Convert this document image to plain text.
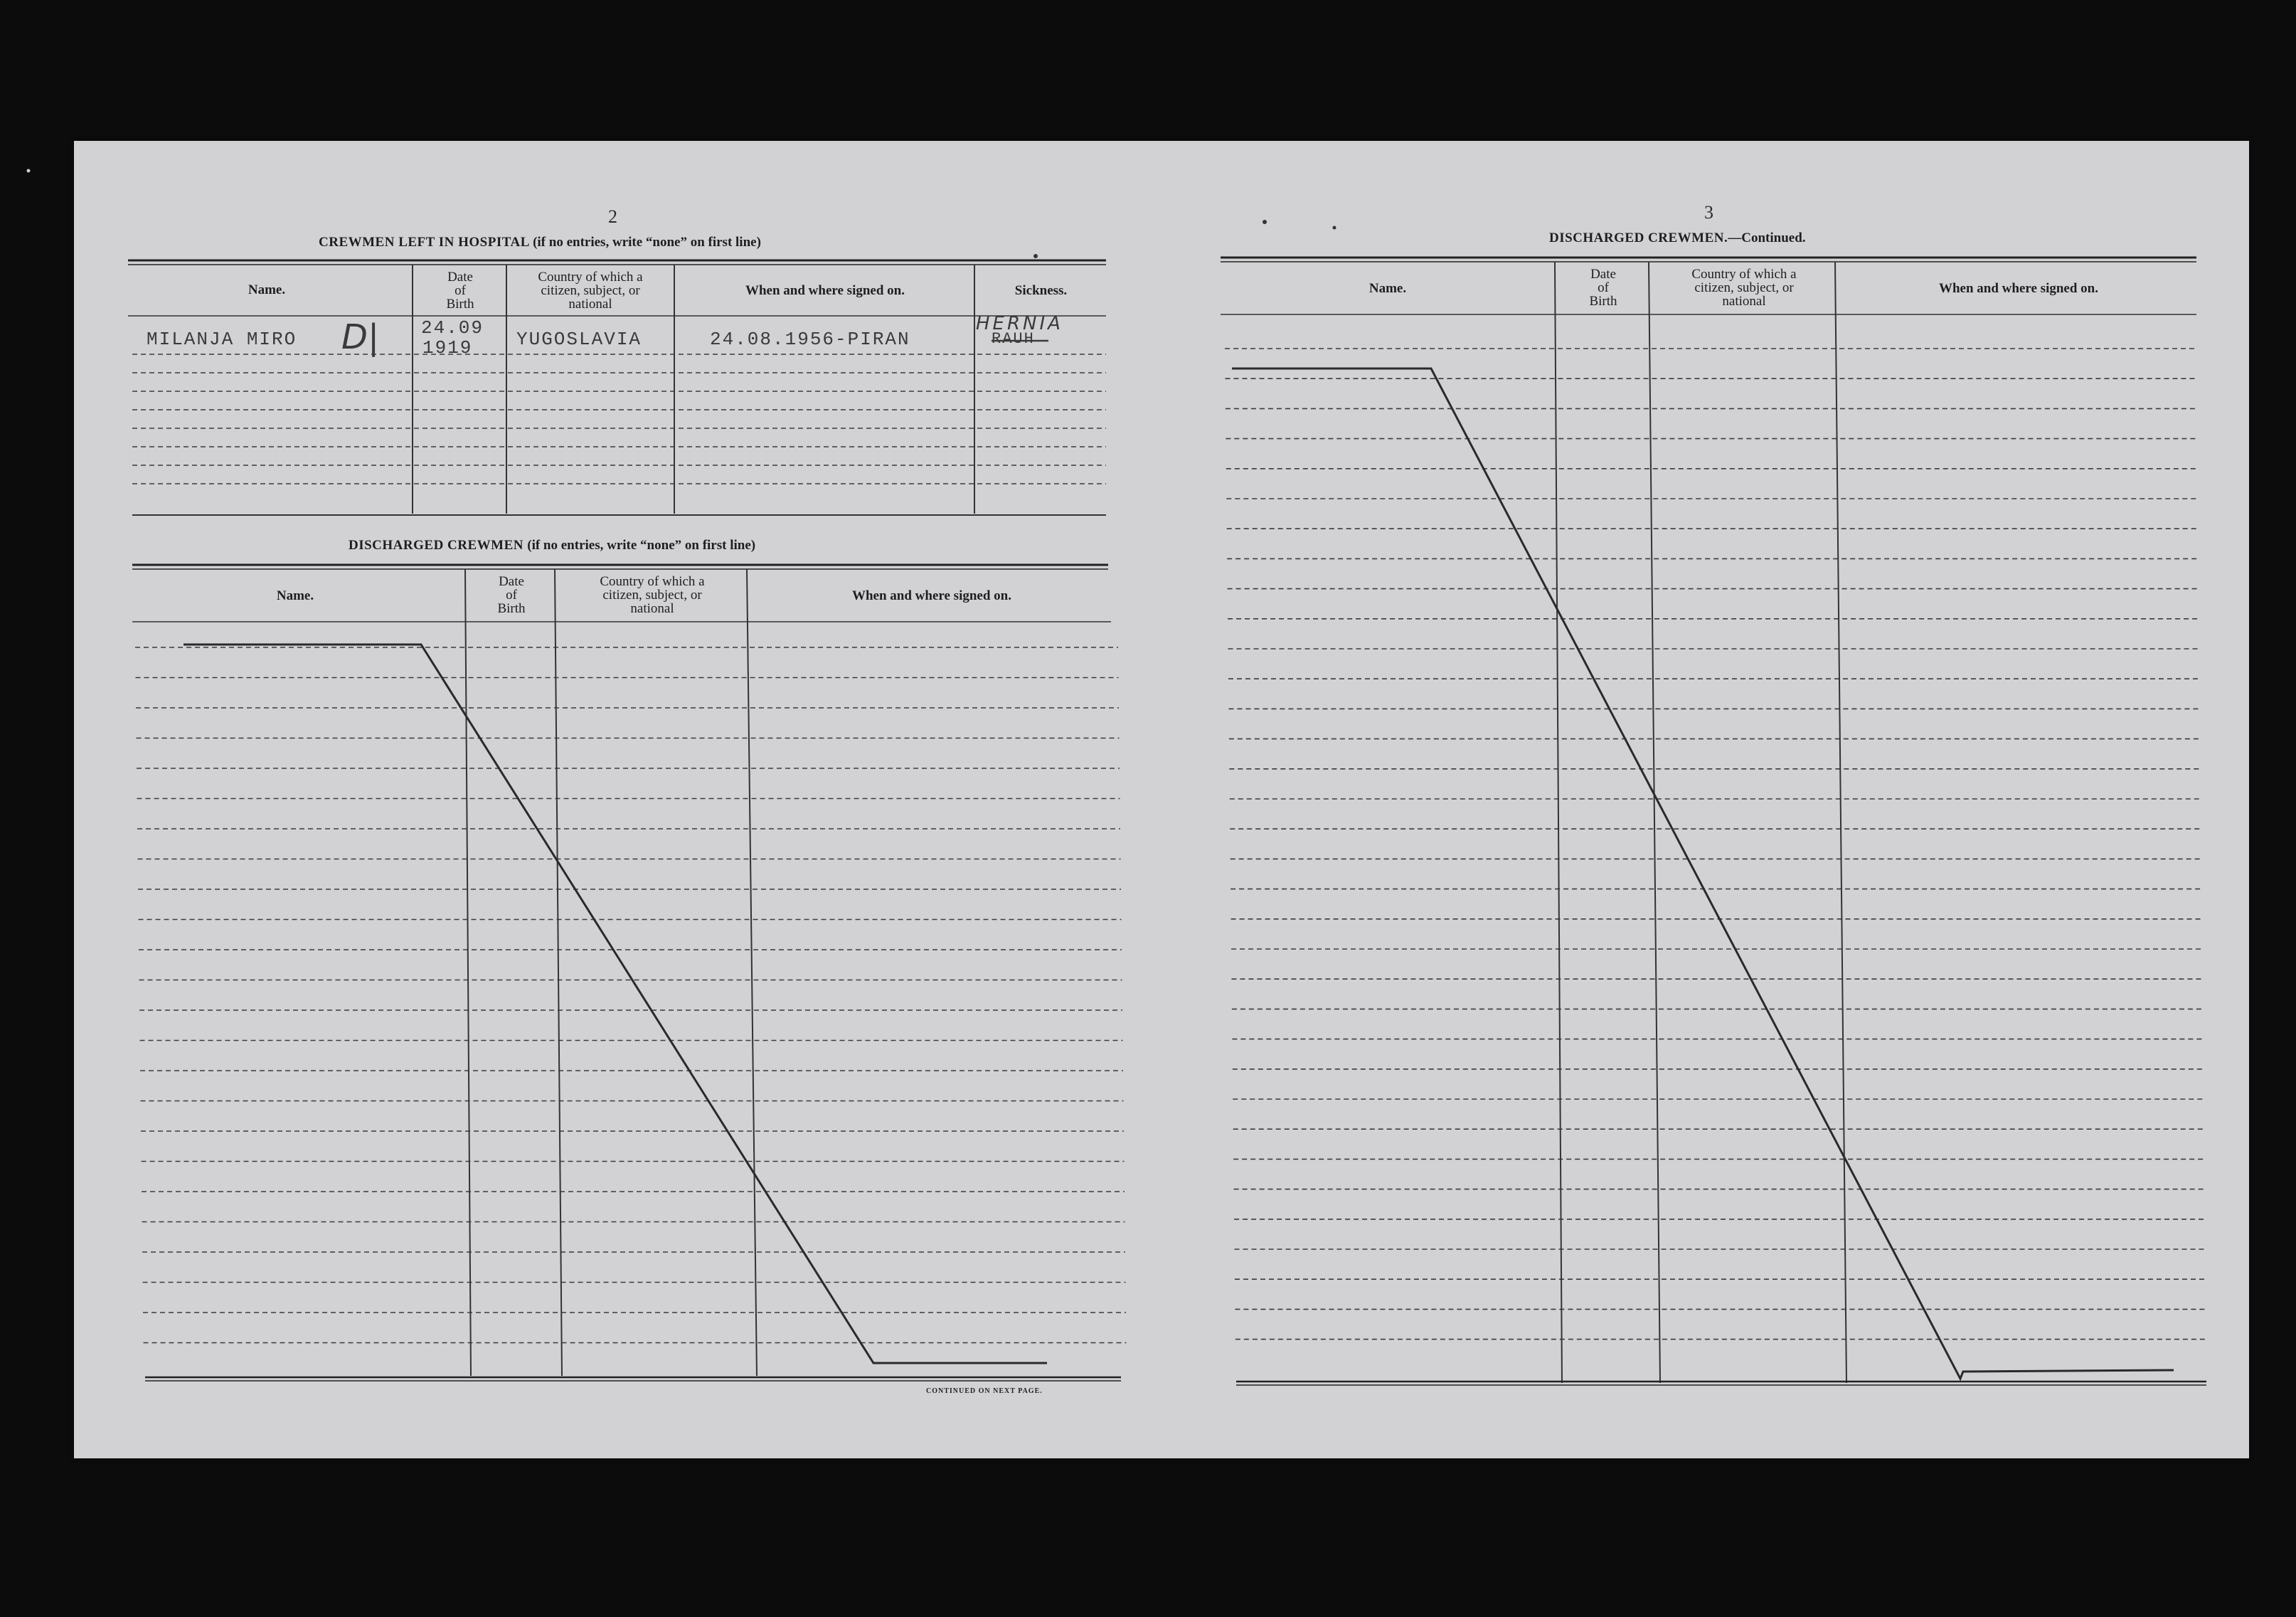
2
CREWMEN LEFT IN HOSPITAL (if no entries, write “none” on first line)
Name.
Date
of
Birth
Country of which a
citizen, subject, or
national
When and where signed on.	Sickness.
MILANJA MIRO D| 24.09
1919 YUGOSLAVIA	24.08.1956-PIRAN
HERNIA
RAUH
DISCHARGED CREWMEN (if no entries, write “none” on first line)
Name.
Date
of
Birth
Country of which a
citizen, subject, or
national
When and where signed on.
CONTINUED ON NEXT PAGE.
3
DISCHARGED CREWMEN.—Continued.
Name.
Date
of
Birth
Country of which a
citizen, subject, or
national
When and where signed on.
